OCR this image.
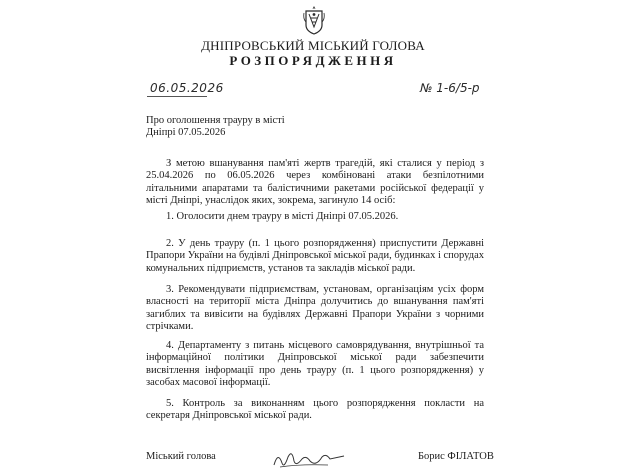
ДНІПРОВСЬКИЙ МІСЬКИЙ ГОЛОВА
РОЗПОРЯДЖЕННЯ
06.05.2026	№ 1-6/5-р
Про оголошення трауру в місті Дніпрі 07.05.2026

З метою вшанування пам'яті жертв трагедій, які сталися у період з 25.04.2026 по 06.05.2026 через комбіновані атаки безпілотними літальними апаратами та балістичними ракетами російської федерації у місті Дніпрі, унаслідок яких, зокрема, загинуло 14 осіб:

1. Оголосити днем трауру в місті Дніпрі 07.05.2026.

2. У день трауру (п. 1 цього розпорядження) приспустити Державні Прапори України на будівлі Дніпровської міської ради, будинках і спорудах комунальних підприємств, установ та закладів міської ради.

3. Рекомендувати підприємствам, установам, організаціям усіх форм власності на території міста Дніпра долучитись до вшанування пам'яті загиблих та вивісити на будівлях Державні Прапори України з чорними стрічками.

4. Департаменту з питань місцевого самоврядування, внутрішньої та інформаційної політики Дніпровської міської ради забезпечити висвітлення інформації про день трауру (п. 1 цього розпорядження) у засобах масової інформації.

5. Контроль за виконанням цього розпорядження покласти на секретаря Дніпровської міської ради.

Міський голова	Борис ФІЛАТОВ
